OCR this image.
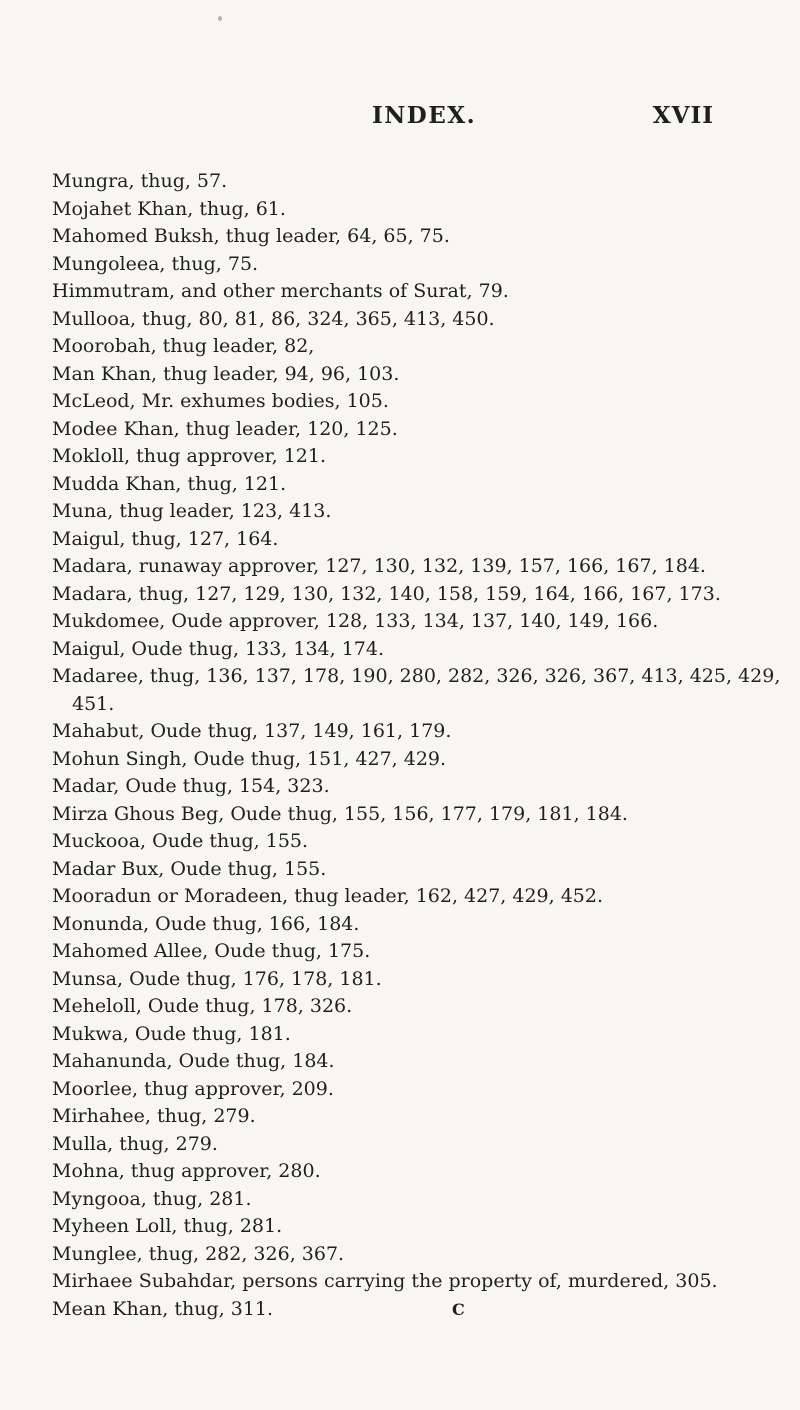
INDEX.	XVII
Mungra, thug, 57.
Mojahet Khan, thug, 61.
Mahomed Buksh, thug leader, 64, 65, 75.
Mungoleea, thug, 75.
Himmutram, and other merchants of Surat, 79.
Mullooa, thug, 80, 81, 86, 324, 365, 413, 450.
Moorobah, thug leader, 82,
Man Khan, thug leader, 94, 96, 103.
McLeod, Mr. exhumes bodies, 105.
Modee Khan, thug leader, 120, 125.
Mokloll, thug approver, 121.
Mudda Khan, thug, 121.
Muna, thug leader, 123, 413.
Maigul, thug, 127, 164.
Madara, runaway approver, 127, 130, 132, 139, 157, 166, 167, 184.
Madara, thug, 127, 129, 130, 132, 140, 158, 159, 164, 166, 167, 173.
Mukdomee, Oude approver, 128, 133, 134, 137, 140, 149, 166.
Maigul, Oude thug, 133, 134, 174.
Madaree, thug, 136, 137, 178, 190, 280, 282, 326, 326, 367, 413, 425, 429,
451.
Mahabut, Oude thug, 137, 149, 161, 179.
Mohun Singh, Oude thug, 151, 427, 429.
Madar, Oude thug, 154, 323.
Mirza Ghous Beg, Oude thug, 155, 156, 177, 179, 181, 184.
Muckooa, Oude thug, 155.
Madar Bux, Oude thug, 155.
Mooradun or Moradeen, thug leader, 162, 427, 429, 452.
Monunda, Oude thug, 166, 184.
Mahomed Allee, Oude thug, 175.
Munsa, Oude thug, 176, 178, 181.
Meheloll, Oude thug, 178, 326.
Mukwa, Oude thug, 181.
Mahanunda, Oude thug, 184.
Moorlee, thug approver, 209.
Mirhahee, thug, 279.
Mulla, thug, 279.
Mohna, thug approver, 280.
Myngooa, thug, 281.
Myheen Loll, thug, 281.
Munglee, thug, 282, 326, 367.
Mirhaee Subahdar, persons carrying the property of, murdered, 305.
Mean Khan, thug, 311.	C
